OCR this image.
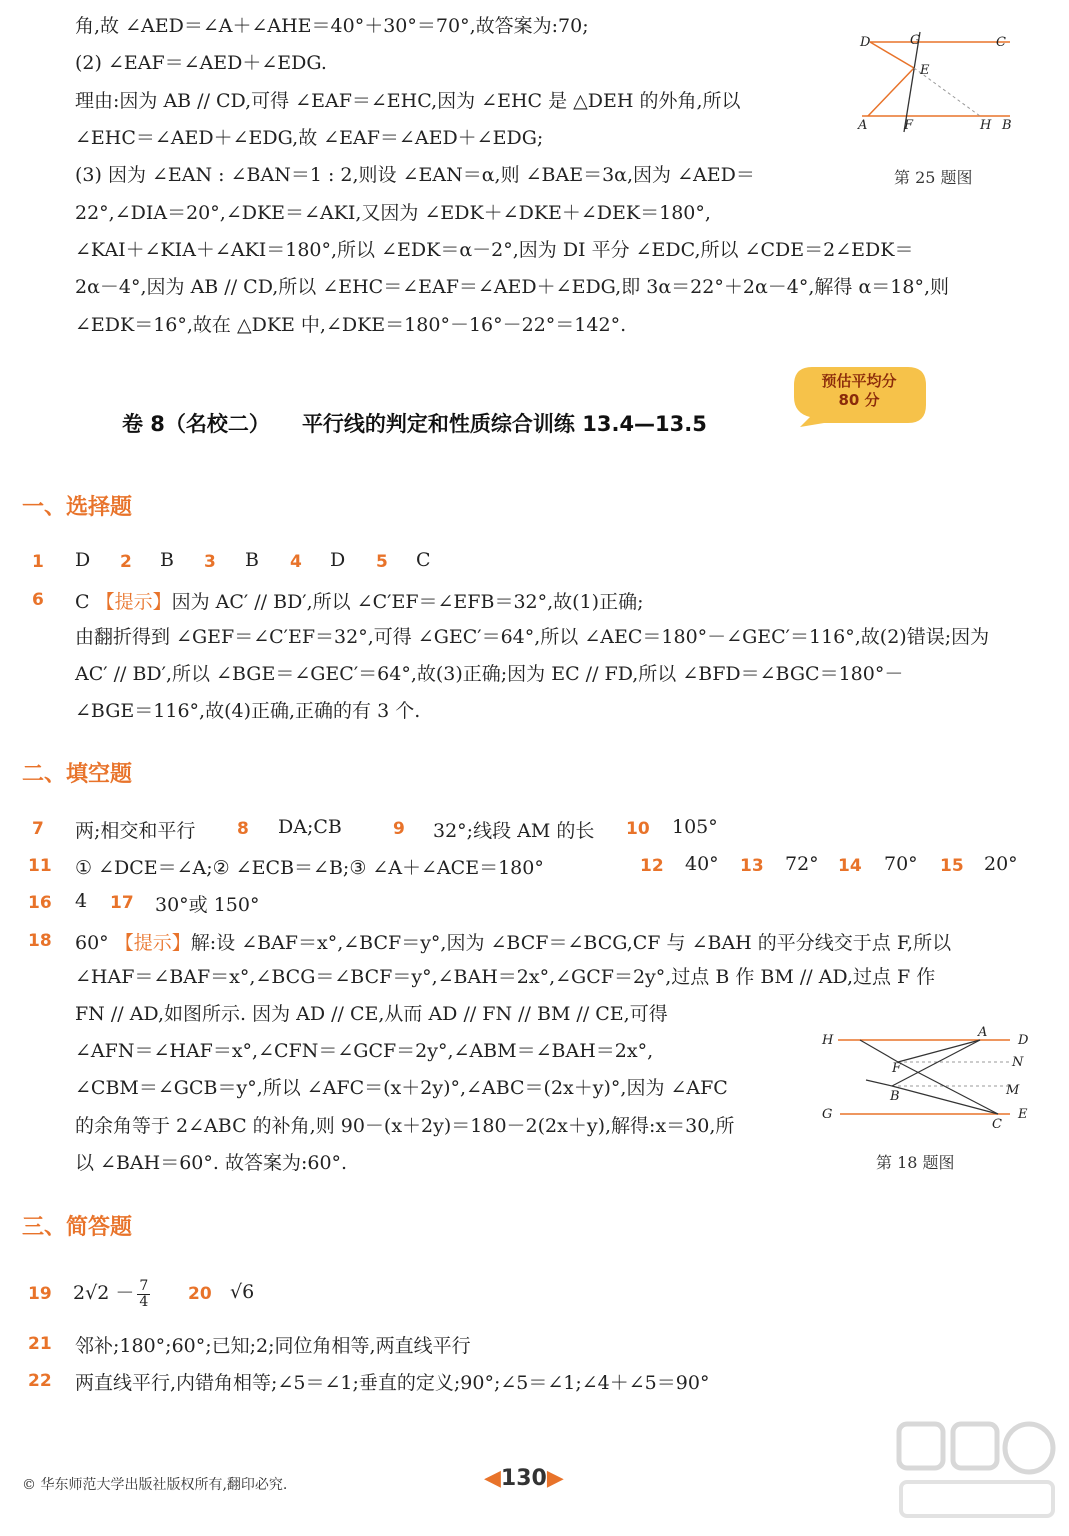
角,故 ∠AED＝∠A＋∠AHE＝40°＋30°＝70°,故答案为:70;
(2) ∠EAF＝∠AED＋∠EDG.
理由:因为 AB // CD,可得 ∠EAF＝∠EHC,因为 ∠EHC 是 △DEH 的外角,所以
∠EHC＝∠AED＋∠EDG,故 ∠EAF＝∠AED＋∠EDG;
(3) 因为 ∠EAN : ∠BAN＝1 : 2,则设 ∠EAN＝α,则 ∠BAE＝3α,因为 ∠AED＝
22°,∠DIA＝20°,∠DKE＝∠AKI,又因为 ∠EDK＋∠DKE＋∠DEK＝180°,
∠KAI＋∠KIA＋∠AKI＝180°,所以 ∠EDK＝α－2°,因为 DI 平分 ∠EDC,所以 ∠CDE＝2∠EDK＝
2α－4°,因为 AB // CD,所以 ∠EHC＝∠EAF＝∠AED＋∠EDG,即 3α＝22°＋2α－4°,解得 α＝18°,则
∠EDK＝16°,故在 △DKE 中,∠DKE＝180°－16°－22°＝142°.
D	G	C
E
A	F	H B
第 25 题图
卷 8（名校二） 平行线的判定和性质综合训练 13.4—13.5
预估平均分
80 分
一、选择题
1 D 2 B 3 B 4 D 5 C
6 C 【提示】因为 AC′ // BD′,所以 ∠C′EF＝∠EFB＝32°,故(1)正确;
由翻折得到 ∠GEF＝∠C′EF＝32°,可得 ∠GEC′＝64°,所以 ∠AEC＝180°－∠GEC′＝116°,故(2)错误;因为
AC′ // BD′,所以 ∠BGE＝∠GEC′＝64°,故(3)正确;因为 EC // FD,所以 ∠BFD＝∠BGC＝180°－
∠BGE＝116°,故(4)正确,正确的有 3 个.
二、填空题
7 两;相交和平行 8 DA;CB	9 32°;线段 AM 的长 10 105°
11 ① ∠DCE＝∠A;② ∠ECB＝∠B;③ ∠A＋∠ACE＝180°	12 40° 13 72° 14 70° 15 20°
16 4 17 30°或 150°
18 60° 【提示】解:设 ∠BAF＝x°,∠BCF＝y°,因为 ∠BCF＝∠BCG,CF 与 ∠BAH 的平分线交于点 F,所以
∠HAF＝∠BAF＝x°,∠BCG＝∠BCF＝y°,∠BAH＝2x°,∠GCF＝2y°,过点 B 作 BM // AD,过点 F 作
FN // AD,如图所示. 因为 AD // CE,从而 AD // FN // BM // CE,可得
∠AFN＝∠HAF＝x°,∠CFN＝∠GCF＝2y°,∠ABM＝∠BAH＝2x°,
∠CBM＝∠GCB＝y°,所以 ∠AFC＝(x＋2y)°,∠ABC＝(2x＋y)°,因为 ∠AFC
的余角等于 2∠ABC 的补角,则 90－(x＋2y)＝180－2(2x＋y),解得:x＝30,所
以 ∠BAH＝60°. 故答案为:60°.
H
A
D
N
F
M
B
G
C
E
第 18 题图
三、简答题
19 $2√2 - \frac{7}{4} 20$ √6
21 邻补;180°;60°;已知;2;同位角相等,两直线平行
22 两直线平行,内错角相等;∠5＝∠1;垂直的定义;90°;∠5＝∠1;∠4＋∠5＝90°
© 华东师范大学出版社版权所有,翻印必究.	◀130▶
